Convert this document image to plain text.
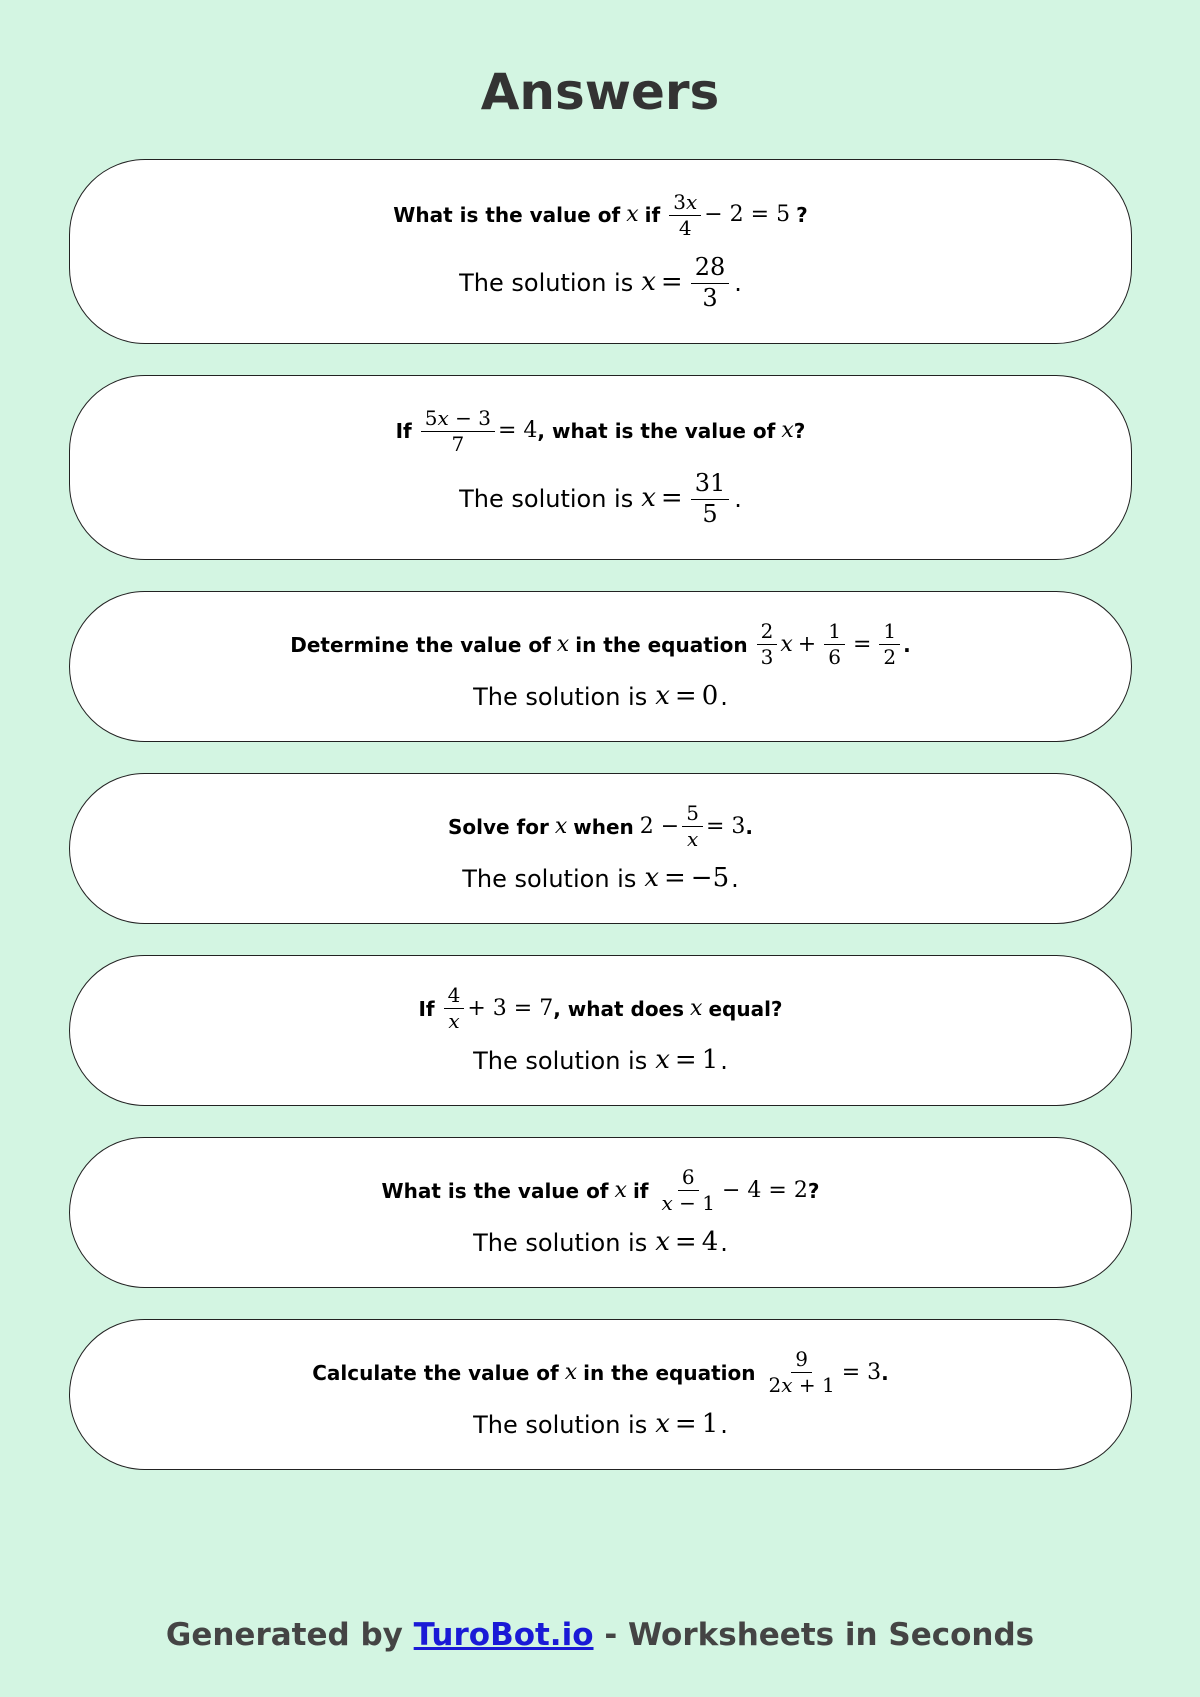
Answers
What is the value of x if $\frac{3x}{4} - 2 = 5$ ?
The solution is $x = \frac{28}{3}$ .
If $\frac{5x - 3}{7} = 4$ , what is the value of x ?
The solution is $x = \frac{31}{5}$ .
Determine the value of x in the equation $\frac{2}{3}$ $x + \frac{1}{6} = \frac{1}{2}$ .
The solution is x = 0 .
Solve for x when $2 - \frac{5}{x} = 3$ .
The solution is x = −5 .
If $\frac{4}{x} + 3 = 7$ , what does x equal?
The solution is x = 1 .
What is the value of x if $\frac{6}{x - 1} - 4 = 2$ ?
The solution is x = 4 .
Calculate the value of x in the equation $\frac{9}{2x + 1} = 3$ .
The solution is x = 1 .
Generated by TuroBot.io - Worksheets in Seconds
